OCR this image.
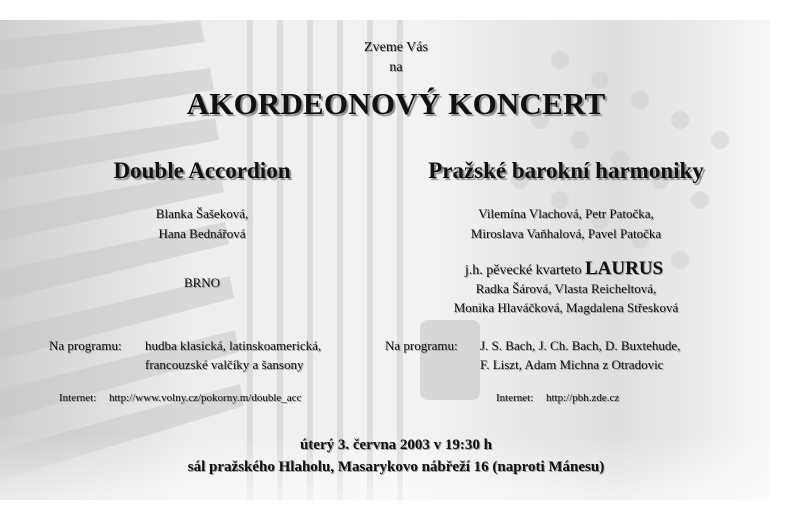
Zveme Vás
na
AKORDEONOVÝ KONCERT
Double Accordion
Blanka Šašeková,
Hana Bednářová
BRNO
Na programu: hudba klasická, latinskoamerická,
francouzské valčíky a šansony
Internet: http://www.volny.cz/pokorny.m/double_acc
Pražské barokní harmoniky
Vilemína Vlachová, Petr Patočka,
Miroslava Vaňhalová, Pavel Patočka
j.h. pěvecké kvarteto LAURUS
Radka Šárová, Vlasta Reicheltová,
Monika Hlaváčková, Magdalena Střesková
Na programu: J. S. Bach, J. Ch. Bach, D. Buxtehude,
F. Liszt, Adam Michna z Otradovic
Internet: http://pbh.zde.cz
úterý 3. června 2003 v 19:30 h
sál pražského Hlaholu, Masarykovo nábřeží 16 (naproti Mánesu)
